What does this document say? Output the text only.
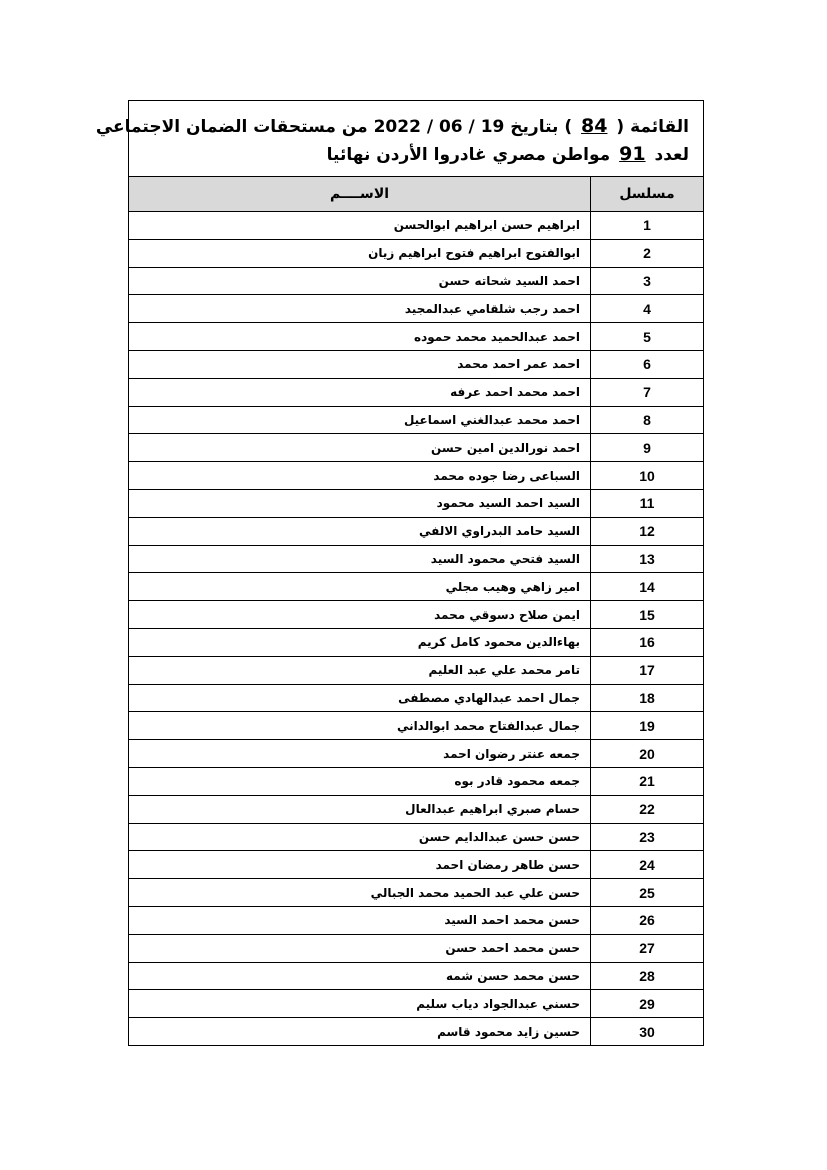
القائمة ( 84 ) بتاريخ 19 / 06 / 2022 من مستحقات الضمان الاجتماعي
لعدد 91 مواطن مصري غادروا الأردن نهائيا
مسلسل	الاســــم
1	ابراهيم حسن ابراهيم ابوالحسن
2	ابوالفتوح ابراهيم فتوح ابراهيم زيان
3	احمد السيد شحاته حسن
4	احمد رجب شلقامي عبدالمجيد
5	احمد عبدالحميد محمد حموده
6	احمد عمر احمد محمد
7	احمد محمد احمد عرفه
8	احمد محمد عبدالغني اسماعيل
9	احمد نورالدين امين حسن
10	السباعى رضا جوده محمد
11	السيد احمد السيد محمود
12	السيد حامد البدراوي الالفي
13	السيد فتحي محمود السيد
14	امير زاهي وهيب مجلي
15	ايمن صلاح دسوقي محمد
16	بهاءالدين محمود كامل كريم
17	تامر محمد علي عبد العليم
18	جمال احمد عبدالهادي مصطفى
19	جمال عبدالفتاح محمد ابوالداني
20	جمعه عنتر رضوان احمد
21	جمعه محمود قادر بوه
22	حسام صبري ابراهيم عبدالعال
23	حسن حسن عبدالدايم حسن
24	حسن طاهر رمضان احمد
25	حسن علي عبد الحميد محمد الجبالي
26	حسن محمد احمد السيد
27	حسن محمد احمد حسن
28	حسن محمد حسن شمه
29	حسني عبدالجواد دياب سليم
30	حسين زايد محمود قاسم
